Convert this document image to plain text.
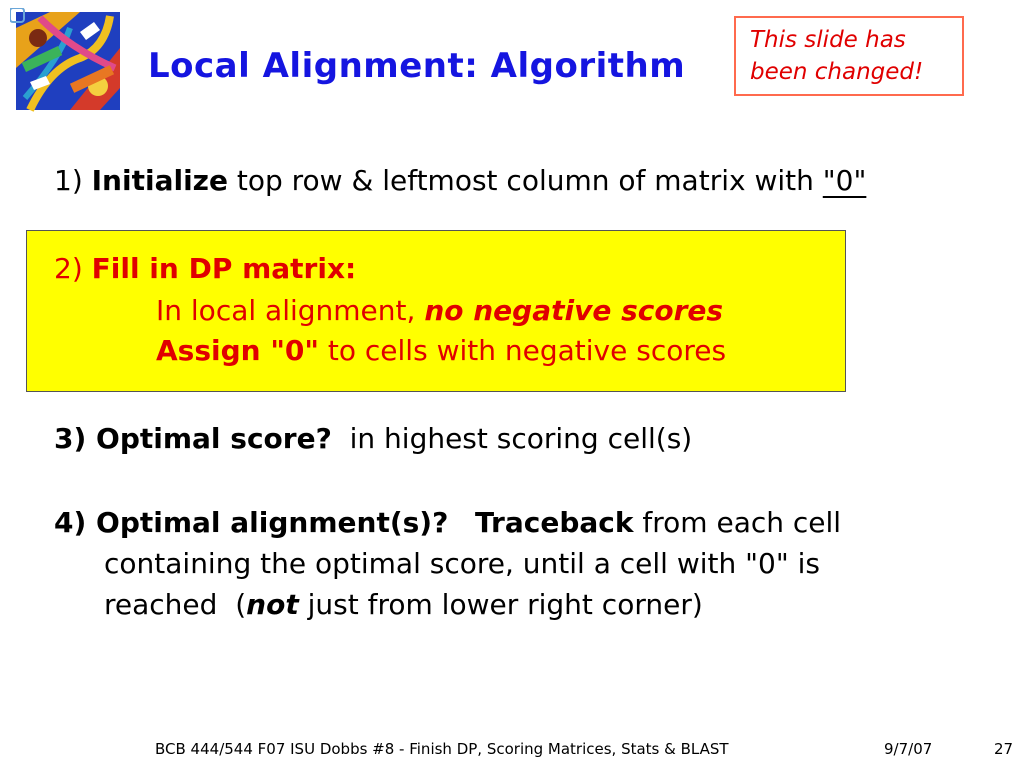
Local Alignment: Algorithm
This slide has
been changed!
1) Initialize top row & leftmost column of matrix with "0"
2) Fill in DP matrix:
In local alignment, no negative scores
Assign "0" to cells with negative scores
3) Optimal score?  in highest scoring cell(s)
4) Optimal alignment(s)? Traceback from each cell
containing the optimal score, until a cell with "0" is
reached  (not just from lower right corner)
BCB 444/544 F07 ISU Dobbs #8 - Finish DP, Scoring Matrices, Stats & BLAST	9/7/07	27
